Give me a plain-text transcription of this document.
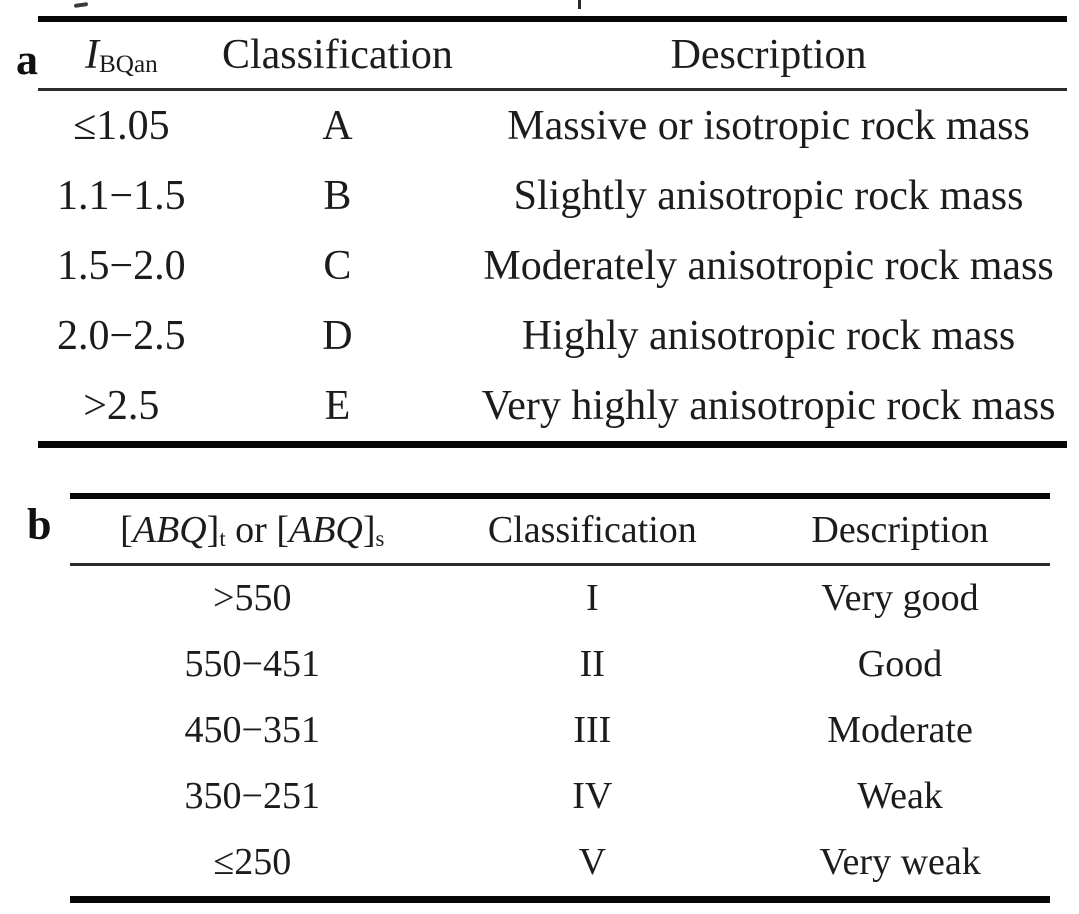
a	$I_{BQan}$	Classification	Description
≤1.05	A	Massive or isotropic rock mass
1.1−1.5	B	Slightly anisotropic rock mass
1.5−2.0	C	Moderately anisotropic rock mass
2.0−2.5	D	Highly anisotropic rock mass
>2.5	E	Very highly anisotropic rock mass
b	$[ABQ]_t$ or $[ABQ]_s$	Classification	Description
>550	I	Very good
550−451	II	Good
450−351	III	Moderate
350−251	IV	Weak
≤250	V	Very weak
